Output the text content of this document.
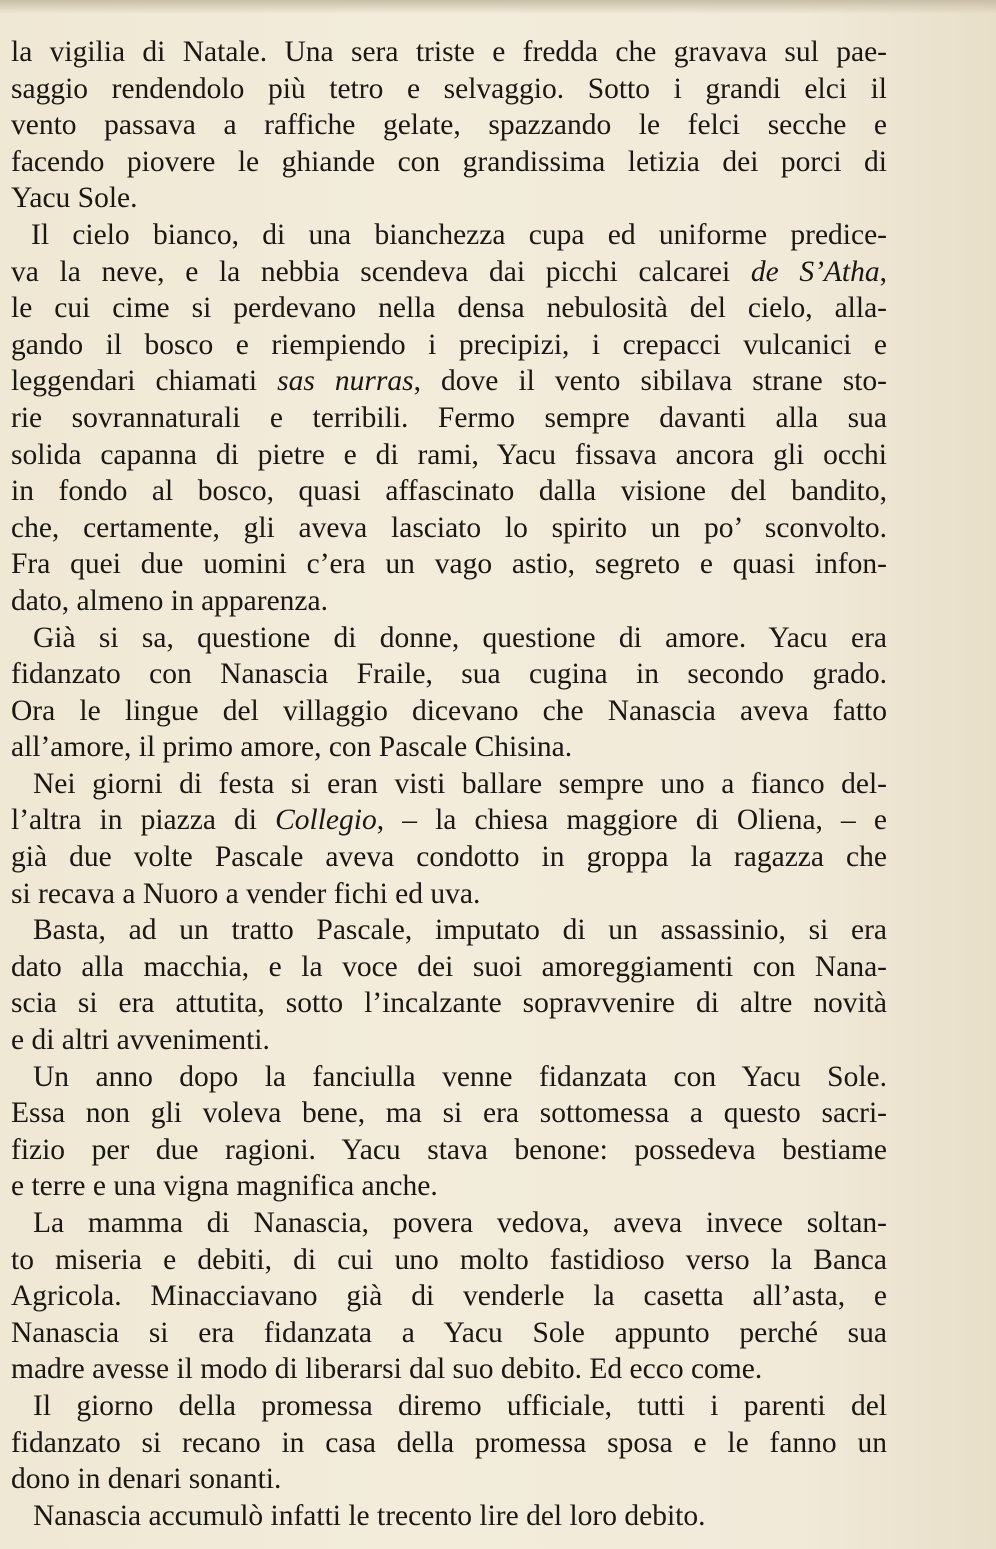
la vigilia di Natale. Una sera triste e fredda che gravava sul pae-
saggio rendendolo più tetro e selvaggio. Sotto i grandi elci il
vento passava a raffiche gelate, spazzando le felci secche e
facendo piovere le ghiande con grandissima letizia dei porci di
Yacu Sole.
Il cielo bianco, di una bianchezza cupa ed uniforme predice-
va la neve, e la nebbia scendeva dai picchi calcarei de S’Atha,
le cui cime si perdevano nella densa nebulosità del cielo, alla-
gando il bosco e riempiendo i precipizi, i crepacci vulcanici e
leggendari chiamati sas nurras, dove il vento sibilava strane sto-
rie sovrannaturali e terribili. Fermo sempre davanti alla sua
solida capanna di pietre e di rami, Yacu fissava ancora gli occhi
in fondo al bosco, quasi affascinato dalla visione del bandito,
che, certamente, gli aveva lasciato lo spirito un po’ sconvolto.
Fra quei due uomini c’era un vago astio, segreto e quasi infon-
dato, almeno in apparenza.
Già si sa, questione di donne, questione di amore. Yacu era
fidanzato con Nanascia Fraile, sua cugina in secondo grado.
Ora le lingue del villaggio dicevano che Nanascia aveva fatto
all’amore, il primo amore, con Pascale Chisina.
Nei giorni di festa si eran visti ballare sempre uno a fianco del-
l’altra in piazza di Collegio, – la chiesa maggiore di Oliena, – e
già due volte Pascale aveva condotto in groppa la ragazza che
si recava a Nuoro a vender fichi ed uva.
Basta, ad un tratto Pascale, imputato di un assassinio, si era
dato alla macchia, e la voce dei suoi amoreggiamenti con Nana-
scia si era attutita, sotto l’incalzante sopravvenire di altre novità
e di altri avvenimenti.
Un anno dopo la fanciulla venne fidanzata con Yacu Sole.
Essa non gli voleva bene, ma si era sottomessa a questo sacri-
fizio per due ragioni. Yacu stava benone: possedeva bestiame
e terre e una vigna magnifica anche.
La mamma di Nanascia, povera vedova, aveva invece soltan-
to miseria e debiti, di cui uno molto fastidioso verso la Banca
Agricola. Minacciavano già di venderle la casetta all’asta, e
Nanascia si era fidanzata a Yacu Sole appunto perché sua
madre avesse il modo di liberarsi dal suo debito. Ed ecco come.
Il giorno della promessa diremo ufficiale, tutti i parenti del
fidanzato si recano in casa della promessa sposa e le fanno un
dono in denari sonanti.
Nanascia accumulò infatti le trecento lire del loro debito.
